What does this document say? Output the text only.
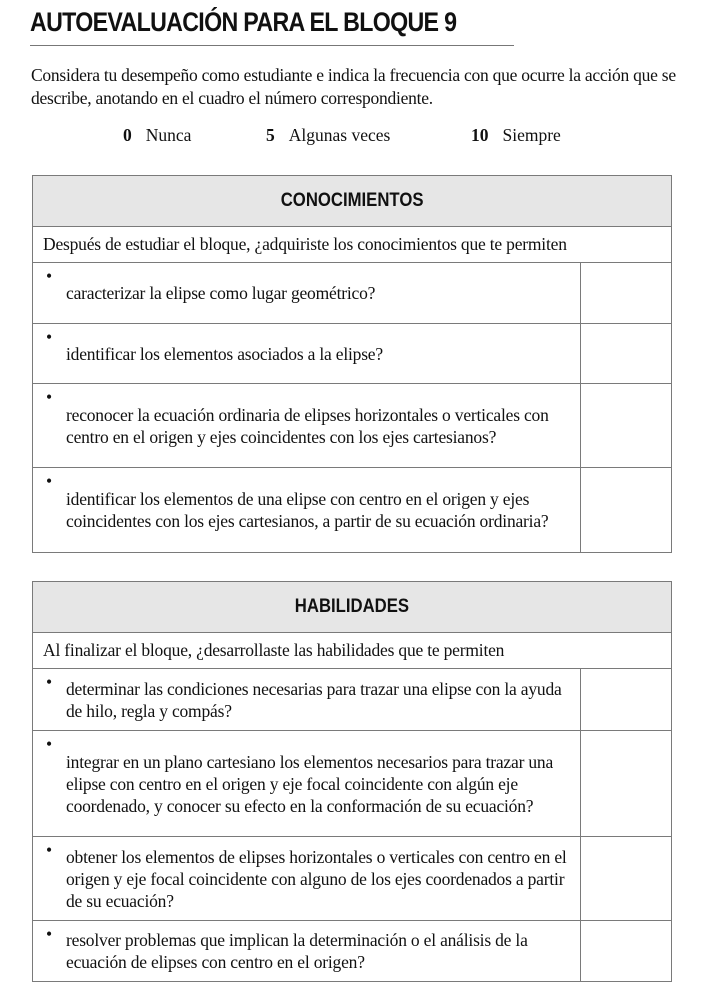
AUTOEVALUACIÓN PARA EL BLOQUE 9
Considera tu desempeño como estudiante e indica la frecuencia con que ocurre la acción que se describe, anotando en el cuadro el número correspondiente.
0 Nunca	5 Algunas veces	10 Siempre
CONOCIMIENTOS
Después de estudiar el bloque, ¿adquiriste los conocimientos que te permiten
•
caracterizar la elipse como lugar geométrico?
•
identificar los elementos asociados a la elipse?
•
reconocer la ecuación ordinaria de elipses horizontales o verticales con centro en el origen y ejes coincidentes con los ejes cartesianos?
•
identificar los elementos de una elipse con centro en el origen y ejes coincidentes con los ejes cartesianos, a partir de su ecuación ordinaria?
HABILIDADES
Al finalizar el bloque, ¿desarrollaste las habilidades que te permiten
• determinar las condiciones necesarias para trazar una elipse con la ayuda de hilo, regla y compás?
•
integrar en un plano cartesiano los elementos necesarios para trazar una elipse con centro en el origen y eje focal coincidente con algún eje coordenado, y conocer su efecto en la conformación de su ecuación?
• obtener los elementos de elipses horizontales o verticales con centro en el origen y eje focal coincidente con alguno de los ejes coordenados a partir de su ecuación?
• resolver problemas que implican la determinación o el análisis de la ecuación de elipses con centro en el origen?
